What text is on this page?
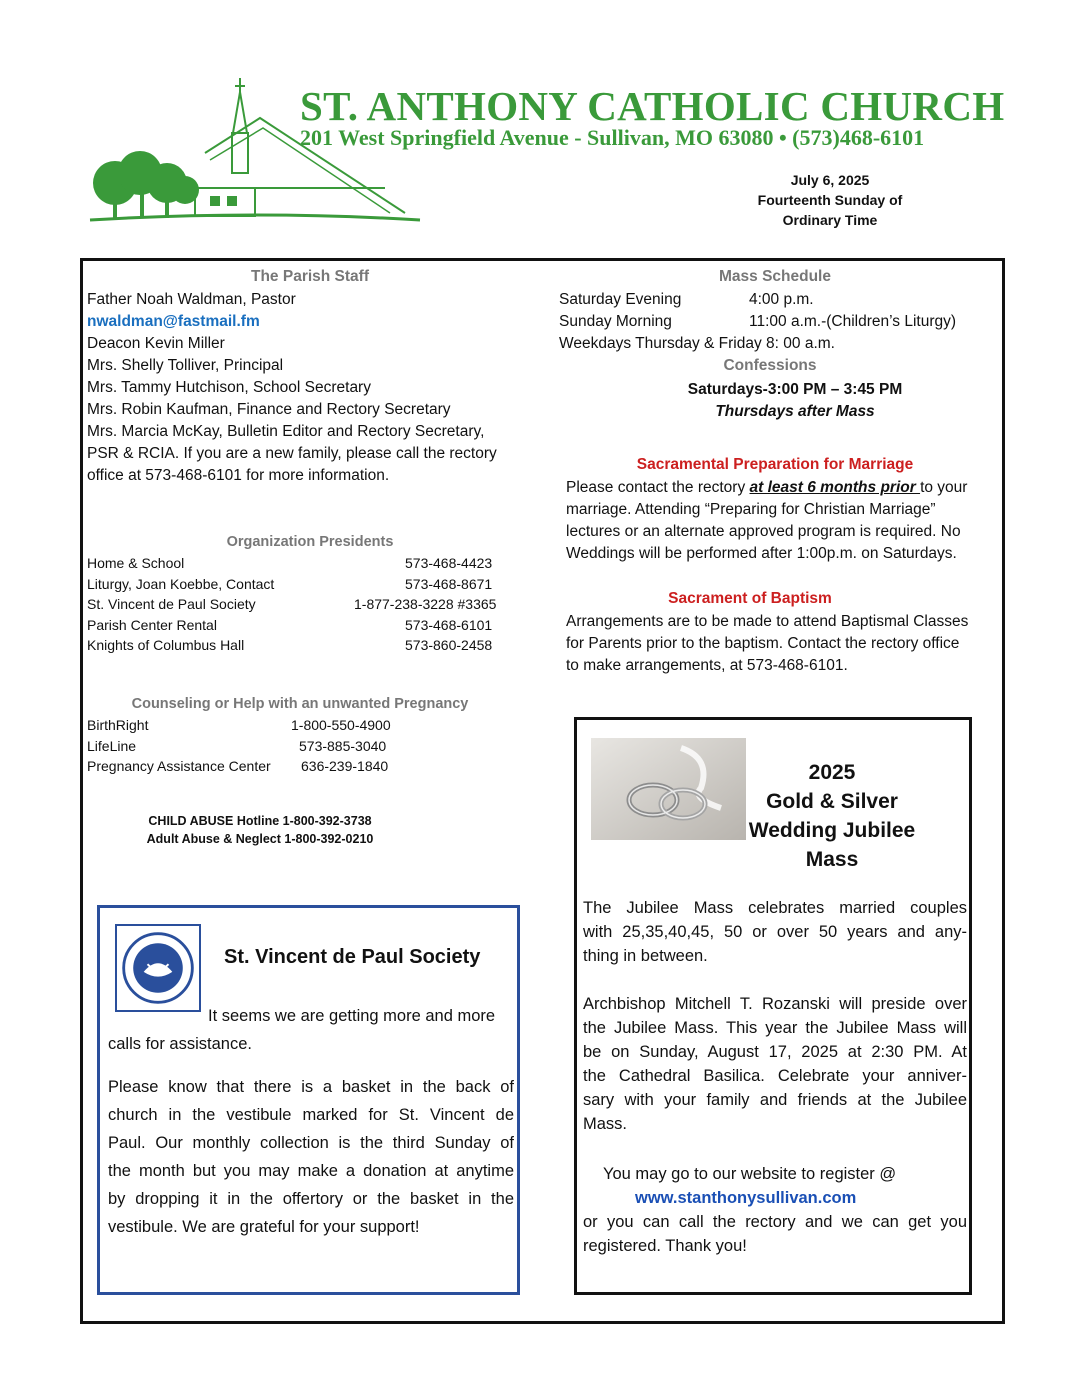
ST. ANTHONY CATHOLIC CHURCH
201 West Springfield Avenue - Sullivan, MO 63080 • (573)468-6101
July 6, 2025
Fourteenth Sunday of
Ordinary Time
The Parish Staff
Father Noah Waldman, Pastor
nwaldman@fastmail.fm
Deacon Kevin Miller
Mrs. Shelly Tolliver, Principal
Mrs. Tammy Hutchison, School Secretary
Mrs. Robin Kaufman, Finance and Rectory Secretary
Mrs. Marcia McKay, Bulletin Editor and Rectory Secretary,
PSR & RCIA. If you are a new family, please call the rectory
office at 573-468-6101 for more information.
Organization Presidents
Home & School	573-468-4423
Liturgy, Joan Koebbe, Contact	573-468-8671
St. Vincent de Paul Society	1-877-238-3228 #3365
Parish Center Rental	573-468-6101
Knights of Columbus Hall	573-860-2458
Counseling or Help with an unwanted Pregnancy
BirthRight	1-800-550-4900
LifeLine	573-885-3040
Pregnancy Assistance Center	636-239-1840
CHILD ABUSE Hotline 1-800-392-3738
Adult Abuse & Neglect 1-800-392-0210
St. Vincent de Paul Society
It seems we are getting more and more
calls for assistance.
Please know that there is a basket in the back of
church in the vestibule marked for St. Vincent de
Paul. Our monthly collection is the third Sunday of
the month but you may make a donation at anytime
by dropping it in the offertory or the basket in the
vestibule. We are grateful for your support!
Mass Schedule
Saturday Evening	4:00 p.m.
Sunday Morning	11:00 a.m.-(Children’s Liturgy)
Weekdays Thursday & Friday 8: 00 a.m.
Confessions
Saturdays-3:00 PM – 3:45 PM
Thursdays after Mass
Sacramental Preparation for Marriage
Please contact the rectory at least 6 months prior to your
marriage. Attending “Preparing for Christian Marriage”
lectures or an alternate approved program is required. No
Weddings will be performed after 1:00p.m. on Saturdays.
Sacrament of Baptism
Arrangements are to be made to attend Baptismal Classes
for Parents prior to the baptism. Contact the rectory office
to make arrangements, at 573-468-6101.
2025
Gold & Silver
Wedding Jubilee
Mass
The Jubilee Mass celebrates married couples
with 25,35,40,45, 50 or over 50 years and any-
thing in between.
Archbishop Mitchell T. Rozanski will preside over
the Jubilee Mass. This year the Jubilee Mass will
be on Sunday, August 17, 2025 at 2:30 PM. At
the Cathedral Basilica. Celebrate your anniver-
sary with your family and friends at the Jubilee
Mass.
You may go to our website to register @
www.stanthonysullivan.com
or you can call the rectory and we can get you
registered. Thank you!
